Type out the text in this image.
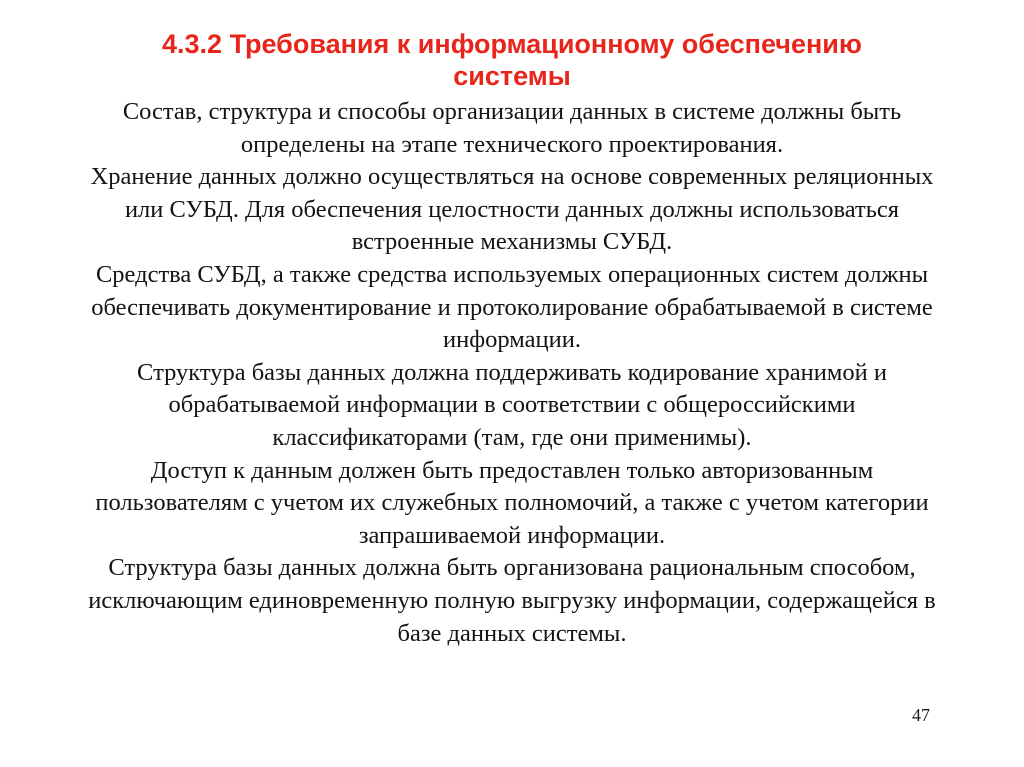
4.3.2 Требования к информационному обеспечению
системы

Состав, структура и способы организации данных в системе должны быть
определены на этапе технического проектирования.

Хранение данных должно осуществляться на основе современных реляционных
или СУБД. Для обеспечения целостности данных должны использоваться
встроенные механизмы СУБД.

Средства СУБД, а также средства используемых операционных систем должны
обеспечивать документирование и протоколирование обрабатываемой в системе
информации.

Структура базы данных должна поддерживать кодирование хранимой и
обрабатываемой информации в соответствии с общероссийскими
классификаторами (там, где они применимы).

Доступ к данным должен быть предоставлен только авторизованным
пользователям с учетом их служебных полномочий, а также с учетом категории
запрашиваемой информации.

Структура базы данных должна быть организована рациональным способом,
исключающим единовременную полную выгрузку информации, содержащейся в
базе данных системы.

47
